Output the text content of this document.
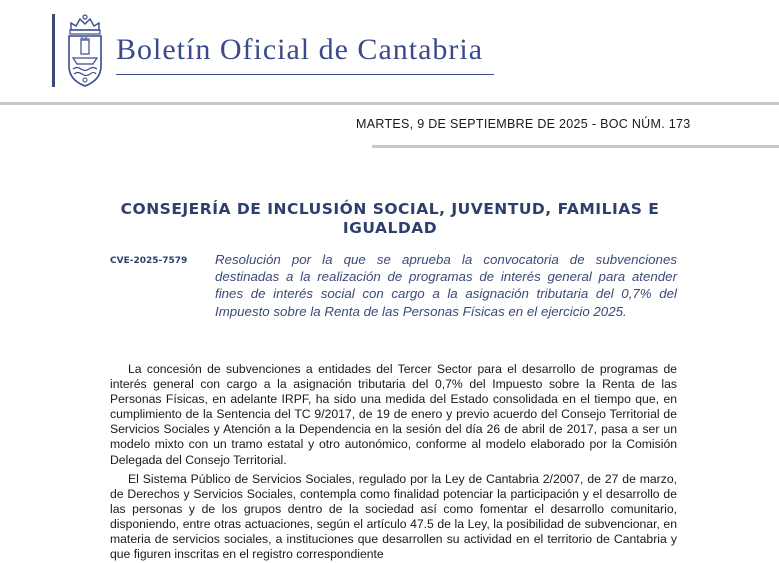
Boletín Oficial de Cantabria
MARTES, 9 DE SEPTIEMBRE DE 2025 - BOC NÚM. 173
CONSEJERÍA DE INCLUSIÓN SOCIAL, JUVENTUD, FAMILIAS E IGUALDAD
CVE-2025-7579 Resolución por la que se aprueba la convocatoria de subvenciones destinadas a la realización de programas de interés general para atender fines de interés social con cargo a la asignación tributaria del 0,7% del Impuesto sobre la Renta de las Personas Físicas en el ejercicio 2025.

La concesión de subvenciones a entidades del Tercer Sector para el desarrollo de programas de interés general con cargo a la asignación tributaria del 0,7% del Impuesto sobre la Renta de las Personas Físicas, en adelante IRPF, ha sido una medida del Estado consolidada en el tiempo que, en cumplimiento de la Sentencia del TC 9/2017, de 19 de enero y previo acuerdo del Consejo Territorial de Servicios Sociales y Atención a la Dependencia en la sesión del día 26 de abril de 2017, pasa a ser un modelo mixto con un tramo estatal y otro autonómico, conforme al modelo elaborado por la Comisión Delegada del Consejo Territorial.

El Sistema Público de Servicios Sociales, regulado por la Ley de Cantabria 2/2007, de 27 de marzo, de Derechos y Servicios Sociales, contempla como finalidad potenciar la participación y el desarrollo de las personas y de los grupos dentro de la sociedad así como fomentar el desarrollo comunitario, disponiendo, entre otras actuaciones, según el artículo 47.5 de la Ley, la posibilidad de subvencionar, en materia de servicios sociales, a instituciones que desarrollen su actividad en el territorio de Cantabria y que figuren inscritas en el registro correspondiente
